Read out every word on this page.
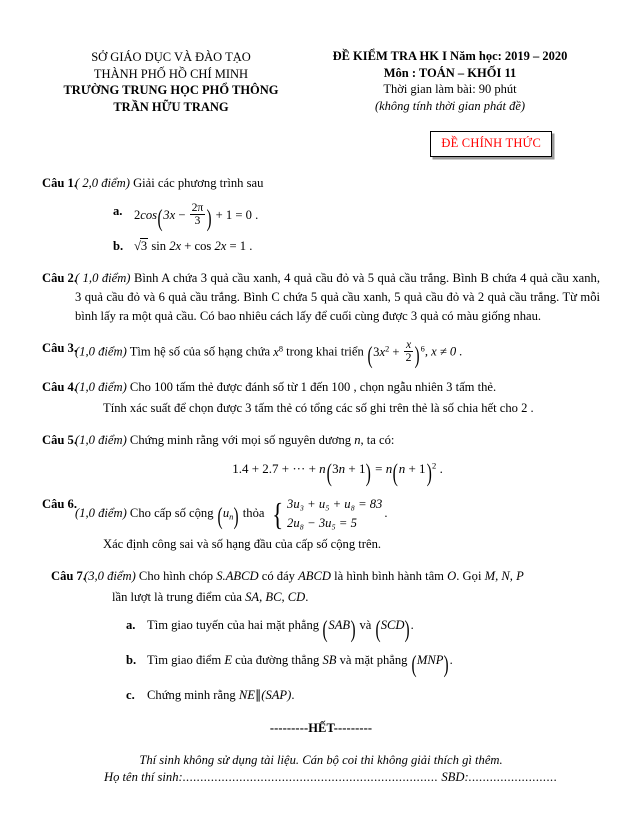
SỞ GIÁO DỤC VÀ ĐÀO TẠO
THÀNH PHỐ HỒ CHÍ MINH
TRƯỜNG TRUNG HỌC PHỔ THÔNG
TRẦN HỮU TRANG
ĐỀ KIỂM TRA HK I Năm học: 2019 – 2020
Môn : TOÁN – KHỐI 11
Thời gian làm bài: 90 phút
(không tính thời gian phát đề)
ĐỀ CHÍNH THỨC
Câu 1.
( 2,0 điểm) Giải các phương trình sau
a. $2\cos(3x - \frac{2\pi}{3}$ ) + 1 = 0 .
b. √3 sin 2x + cos 2x = 1 .
Câu 2.
( 1,0 điểm) Bình A chứa 3 quả cầu xanh, 4 quả cầu đỏ và 5 quả cầu trắng. Bình B chứa 4 quả cầu xanh, 3 quả cầu đỏ và 6 quả cầu trắng. Bình C chứa 5 quả cầu xanh, 5 quả cầu đỏ và 2 quả cầu trắng. Từ mỗi bình lấy ra một quả cầu. Có bao nhiêu cách lấy để cuối cùng được 3 quả có màu giống nhau.
Câu 3.
(1,0 điểm) Tìm hệ số của số hạng chứa $x^8$ trong khai triển $(3x^2 + \frac{x}{2} )^6$, x ≠ 0 .
Câu 4.
(1,0 điểm) Cho 100 tấm thẻ được đánh số từ 1 đến 100 , chọn ngẫu nhiên 3 tấm thẻ.
Tính xác suất để chọn được 3 tấm thẻ có tổng các số ghi trên thẻ là số chia hết cho 2 .
Câu 5.
(1,0 điểm) Chứng minh rằng với mọi số nguyên dương n, ta có:
1.4 + 2.7 + ··· + $n(3n + 1) = n(n + 1)^2$ .
Câu 6.
(1,0 điểm) Cho cấp số cộng $(u_n)$ thỏa { 3u₃ + u₅ + u₈ = 83
2u₈ − 3u₅ = 5
.
Xác định công sai và số hạng đầu của cấp số cộng trên.
Câu 7.
(3,0 điểm) Cho hình chóp S.ABCD có đáy ABCD là hình bình hành tâm O. Gọi M, N, P
lần lượt là trung điểm của SA, BC, CD.
a. Tìm giao tuyến của hai mặt phẳng (SAB) và (SCD).
b. Tìm giao điểm E của đường thẳng SB và mặt phẳng (MNP).
c. Chứng minh rằng NE∥(SAP).
---------HẾT---------
Thí sinh không sử dụng tài liệu. Cán bộ coi thi không giải thích gì thêm.
Họ tên thí sinh:........................................................................ SBD:.........................
